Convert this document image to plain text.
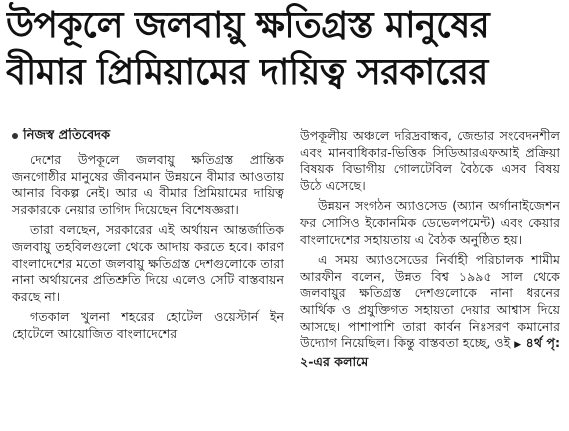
উপকূলে জলবায়ু ক্ষতিগ্রস্ত মানুষের
বীমার প্রিমিয়ামের দায়িত্ব সরকারের
নিজস্ব প্রতিবেদক

দেশের উপকূলে জলবায়ু ক্ষতিগ্রস্ত প্রান্তিক জনগোষ্ঠীর মানুষের জীবনমান উন্নয়নে বীমার আওতায় আনার বিকল্প নেই। আর এ বীমার প্রিমিয়ামের দায়িত্ব সরকারকে নেয়ার তাগিদ দিয়েছেন বিশেষজ্ঞরা।

তারা বলছেন, সরকারের এই অর্থায়ন আন্তর্জাতিক জলবায়ু তহবিলগুলো থেকে আদায় করতে হবে। কারণ বাংলাদেশের মতো জলবায়ু ক্ষতিগ্রস্ত দেশগুলোকে তারা নানা অর্থায়নের প্রতিশ্রুতি দিয়ে এলেও সেটি বাস্তবায়ন করছে না।

গতকাল খুলনা শহরের হোটেল ওয়েস্টার্ন ইন হোটেলে আয়োজিত বাংলাদেশের

উপকূলীয় অঞ্চলে দরিদ্রবান্ধব, জেন্ডার সংবেদনশীল এবং মানবাধিকার-ভিত্তিক সিডিআরএফআই প্রক্রিয়া বিষয়ক বিভাগীয় গোলটেবিল বৈঠকে এসব বিষয় উঠে এসেছে।

উন্নয়ন সংগঠন অ্যাওসেড (অ্যান অর্গানাইজেশন ফর সোসিও ইকোনমিক ডেভেলপমেন্ট) এবং কেয়ার বাংলাদেশের সহায়তায় এ বৈঠক অনুষ্ঠিত হয়।

এ সময় অ্যাওসেডের নির্বাহী পরিচালক শামীম আরফীন বলেন, উন্নত বিশ্ব ১৯৯৫ সাল থেকে জলবায়ুর ক্ষতিগ্রস্ত দেশগুলোকে নানা ধরনের আর্থিক ও প্রযুক্তিগত সহায়তা দেয়ার আশ্বাস দিয়ে আসছে। পাশাপাশি তারা কার্বন নিঃসরণ কমানোর উদ্যোগ নিয়েছিল। কিন্তু বাস্তবতা হচ্ছে, ওই ▶ ৪র্থ পৃ: ২-এর কলামে
